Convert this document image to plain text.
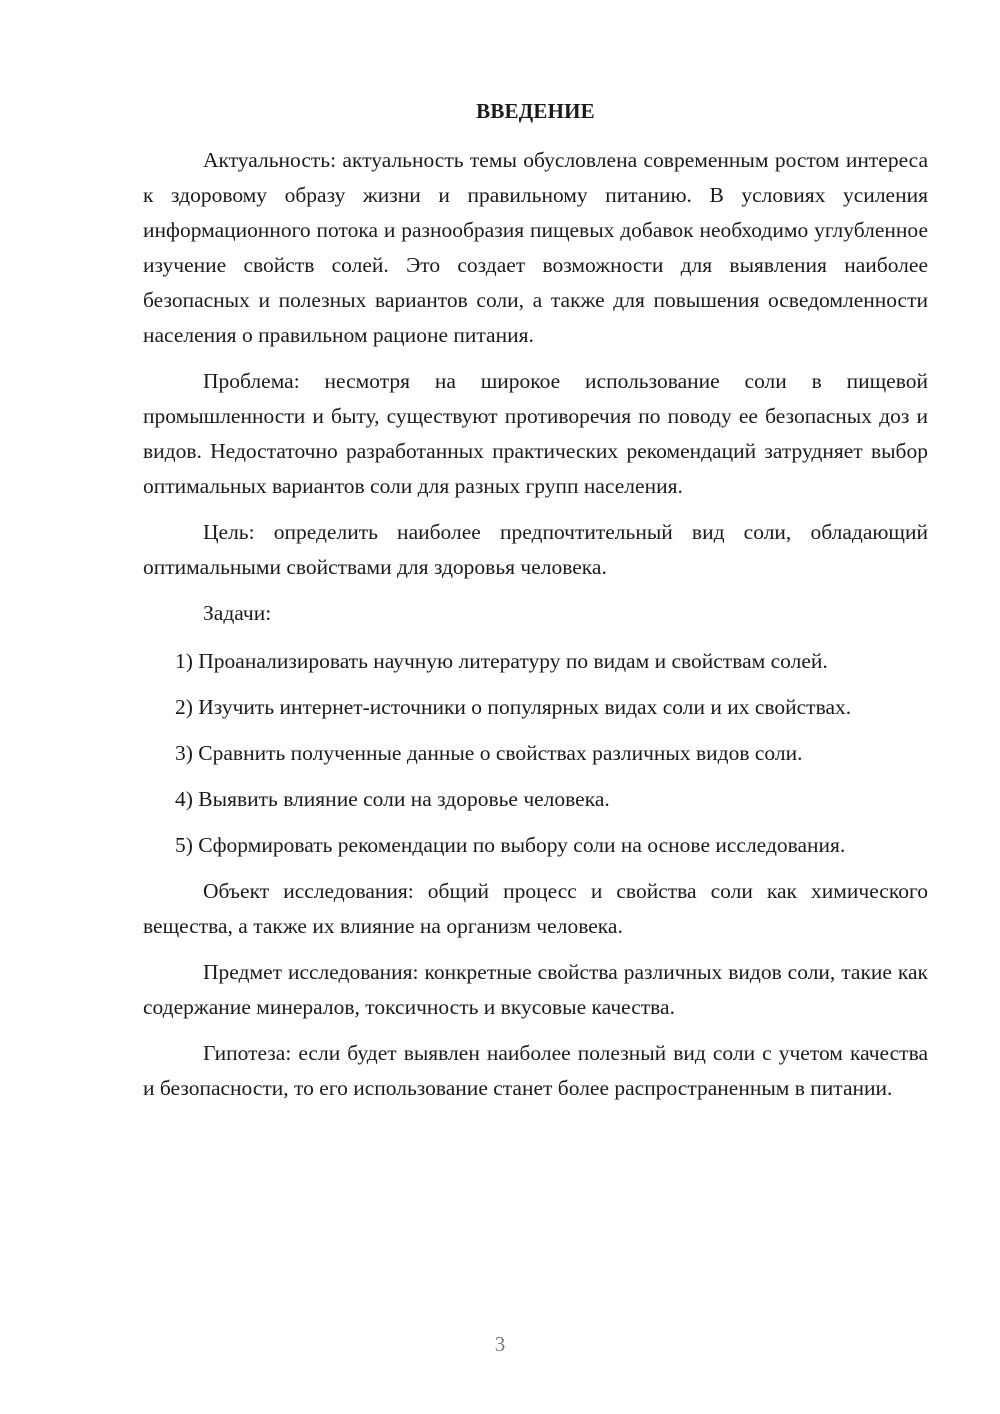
ВВЕДЕНИЕ

Актуальность: актуальность темы обусловлена современным ростом интереса к здоровому образу жизни и правильному питанию. В условиях усиления информационного потока и разнообразия пищевых добавок необходимо углубленное изучение свойств солей. Это создает возможности для выявления наиболее безопасных и полезных вариантов соли, а также для повышения осведомленности населения о правильном рационе питания.

Проблема: несмотря на широкое использование соли в пищевой промышленности и быту, существуют противоречия по поводу ее безопасных доз и видов. Недостаточно разработанных практических рекомендаций затрудняет выбор оптимальных вариантов соли для разных групп населения.

Цель: определить наиболее предпочтительный вид соли, обладающий оптимальными свойствами для здоровья человека.

Задачи:

1) Проанализировать научную литературу по видам и свойствам солей.

2) Изучить интернет-источники о популярных видах соли и их свойствах.

3) Сравнить полученные данные о свойствах различных видов соли.

4) Выявить влияние соли на здоровье человека.

5) Сформировать рекомендации по выбору соли на основе исследования.

Объект исследования: общий процесс и свойства соли как химического вещества, а также их влияние на организм человека.

Предмет исследования: конкретные свойства различных видов соли, такие как содержание минералов, токсичность и вкусовые качества.

Гипотеза: если будет выявлен наиболее полезный вид соли с учетом качества и безопасности, то его использование станет более распространенным в питании.

3
